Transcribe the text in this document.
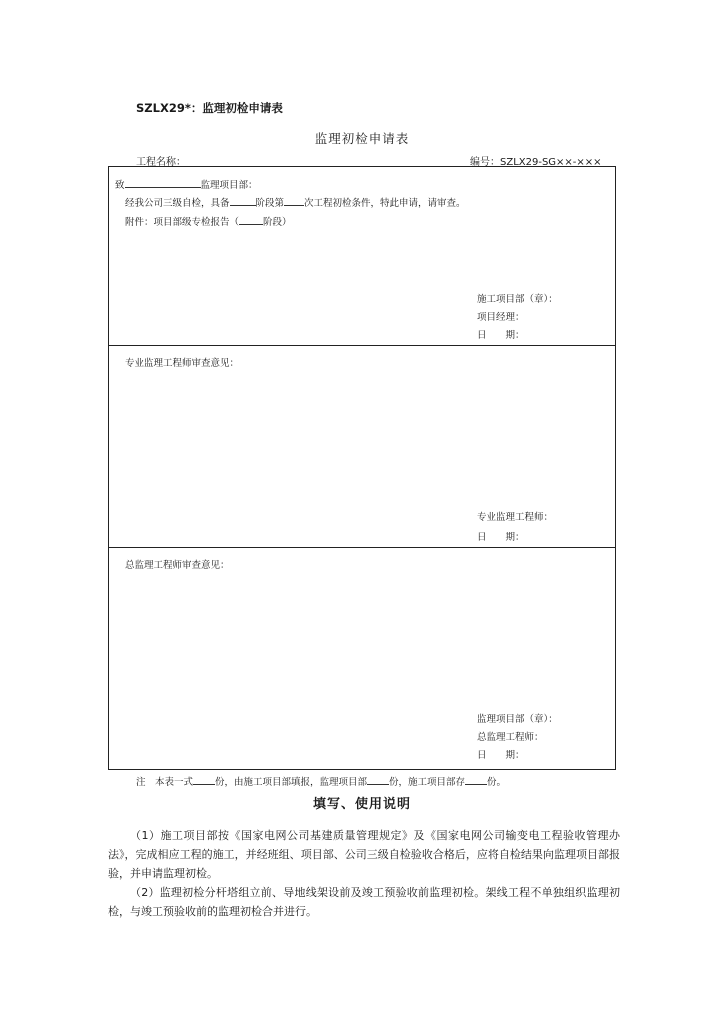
SZLX29*：监理初检申请表
监理初检申请表
工程名称：	编号：SZLX29-SG××-×××
致	监理项目部：
经我公司三级自检，具备	阶段第 次工程初检条件，特此申请，请审查。
附件：项目部级专检报告（	阶段）
施工项目部（章）：
项目经理：
日　　期：
专业监理工程师审查意见：
专业监理工程师：
日　　期：
总监理工程师审查意见：
监理项目部（章）：
总监理工程师：
日　　期：
注　本表一式 份，由施工项目部填报，监理项目部 份，施工项目部存 份。
填写、使用说明
（1）施工项目部按《国家电网公司基建质量管理规定》及《国家电网公司输变电工程验收管理办法》，完成相应工程的施工，并经班组、项目部、公司三级自检验收合格后，应将自检结果向监理项目部报验，并申请监理初检。
（2）监理初检分杆塔组立前、导地线架设前及竣工预验收前监理初检。架线工程不单独组织监理初检，与竣工预验收前的监理初检合并进行。
